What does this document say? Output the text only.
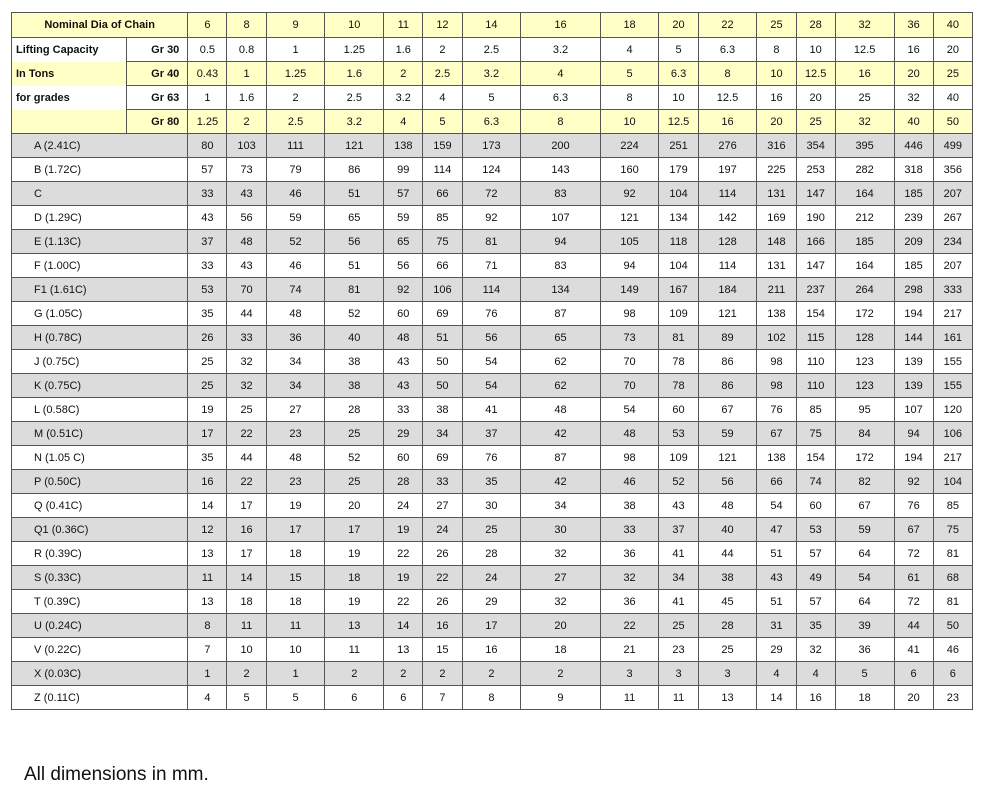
Nominal Dia of Chain		6	8	9	10	11	12	14	16	18	20	22	25	28	32	36	40
Lifting Capacity	Gr 30	0.5	0.8	1	1.25	1.6	2	2.5	3.2	4	5	6.3	8	10	12.5	16	20
In Tons	Gr 40	0.43	1	1.25	1.6	2	2.5	3.2	4	5	6.3	8	10	12.5	16	20	25
for grades	Gr 63	1	1.6	2	2.5	3.2	4	5	6.3	8	10	12.5	16	20	25	32	40
	Gr 80	1.25	2	2.5	3.2	4	5	6.3	8	10	12.5	16	20	25	32	40	50
A (2.41C)		80	103	111	121	138	159	173	200	224	251	276	316	354	395	446	499
B (1.72C)		57	73	79	86	99	114	124	143	160	179	197	225	253	282	318	356
C		33	43	46	51	57	66	72	83	92	104	114	131	147	164	185	207
D (1.29C)		43	56	59	65	59	85	92	107	121	134	142	169	190	212	239	267
E (1.13C)		37	48	52	56	65	75	81	94	105	118	128	148	166	185	209	234
F (1.00C)		33	43	46	51	56	66	71	83	94	104	114	131	147	164	185	207
F1 (1.61C)		53	70	74	81	92	106	114	134	149	167	184	211	237	264	298	333
G (1.05C)		35	44	48	52	60	69	76	87	98	109	121	138	154	172	194	217
H (0.78C)		26	33	36	40	48	51	56	65	73	81	89	102	115	128	144	161
J (0.75C)		25	32	34	38	43	50	54	62	70	78	86	98	110	123	139	155
K (0.75C)		25	32	34	38	43	50	54	62	70	78	86	98	110	123	139	155
L (0.58C)		19	25	27	28	33	38	41	48	54	60	67	76	85	95	107	120
M (0.51C)		17	22	23	25	29	34	37	42	48	53	59	67	75	84	94	106
N (1.05 C)		35	44	48	52	60	69	76	87	98	109	121	138	154	172	194	217
P (0.50C)		16	22	23	25	28	33	35	42	46	52	56	66	74	82	92	104
Q (0.41C)		14	17	19	20	24	27	30	34	38	43	48	54	60	67	76	85
Q1 (0.36C)		12	16	17	17	19	24	25	30	33	37	40	47	53	59	67	75
R (0.39C)		13	17	18	19	22	26	28	32	36	41	44	51	57	64	72	81
S (0.33C)		11	14	15	18	19	22	24	27	32	34	38	43	49	54	61	68
T (0.39C)		13	18	18	19	22	26	29	32	36	41	45	51	57	64	72	81
U (0.24C)		8	11	11	13	14	16	17	20	22	25	28	31	35	39	44	50
V (0.22C)		7	10	10	11	13	15	16	18	21	23	25	29	32	36	41	46
X (0.03C)		1	2	1	2	2	2	2	2	3	3	3	4	4	5	6	6
Z (0.11C)		4	5	5	6	6	7	8	9	11	11	13	14	16	18	20	23
All dimensions in mm.
